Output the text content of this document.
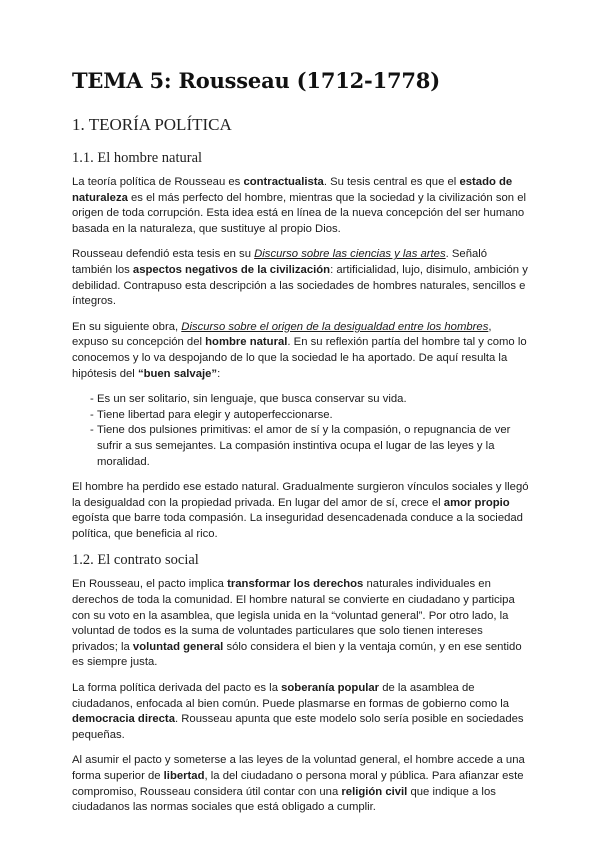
TEMA 5: Rousseau (1712-1778)
1. TEORÍA POLÍTICA
1.1. El hombre natural

La teoría política de Rousseau es contractualista. Su tesis central es que el estado de naturaleza es el más perfecto del hombre, mientras que la sociedad y la civilización son el origen de toda corrupción. Esta idea está en línea de la nueva concepción del ser humano basada en la naturaleza, que sustituye al propio Dios.

Rousseau defendió esta tesis en su Discurso sobre las ciencias y las artes. Señaló también los aspectos negativos de la civilización: artificialidad, lujo, disimulo, ambición y debilidad. Contrapuso esta descripción a las sociedades de hombres naturales, sencillos e íntegros.

En su siguiente obra, Discurso sobre el origen de la desigualdad entre los hombres, expuso su concepción del hombre natural. En su reflexión partía del hombre tal y como lo conocemos y lo va despojando de lo que la sociedad le ha aportado. De aquí resulta la hipótesis del “buen salvaje”:

- Es un ser solitario, sin lenguaje, que busca conservar su vida.
- Tiene libertad para elegir y autoperfeccionarse.
- Tiene dos pulsiones primitivas: el amor de sí y la compasión, o repugnancia de ver sufrir a sus semejantes. La compasión instintiva ocupa el lugar de las leyes y la moralidad.

El hombre ha perdido ese estado natural. Gradualmente surgieron vínculos sociales y llegó la desigualdad con la propiedad privada. En lugar del amor de sí, crece el amor propio egoísta que barre toda compasión. La inseguridad desencadenada conduce a la sociedad política, que beneficia al rico.

1.2. El contrato social

En Rousseau, el pacto implica transformar los derechos naturales individuales en derechos de toda la comunidad. El hombre natural se convierte en ciudadano y participa con su voto en la asamblea, que legisla unida en la “voluntad general”. Por otro lado, la voluntad de todos es la suma de voluntades particulares que solo tienen intereses privados; la voluntad general sólo considera el bien y la ventaja común, y en ese sentido es siempre justa.

La forma política derivada del pacto es la soberanía popular de la asamblea de ciudadanos, enfocada al bien común. Puede plasmarse en formas de gobierno como la democracia directa. Rousseau apunta que este modelo solo sería posible en sociedades pequeñas.

Al asumir el pacto y someterse a las leyes de la voluntad general, el hombre accede a una forma superior de libertad, la del ciudadano o persona moral y pública. Para afianzar este compromiso, Rousseau considera útil contar con una religión civil que indique a los ciudadanos las normas sociales que está obligado a cumplir.
